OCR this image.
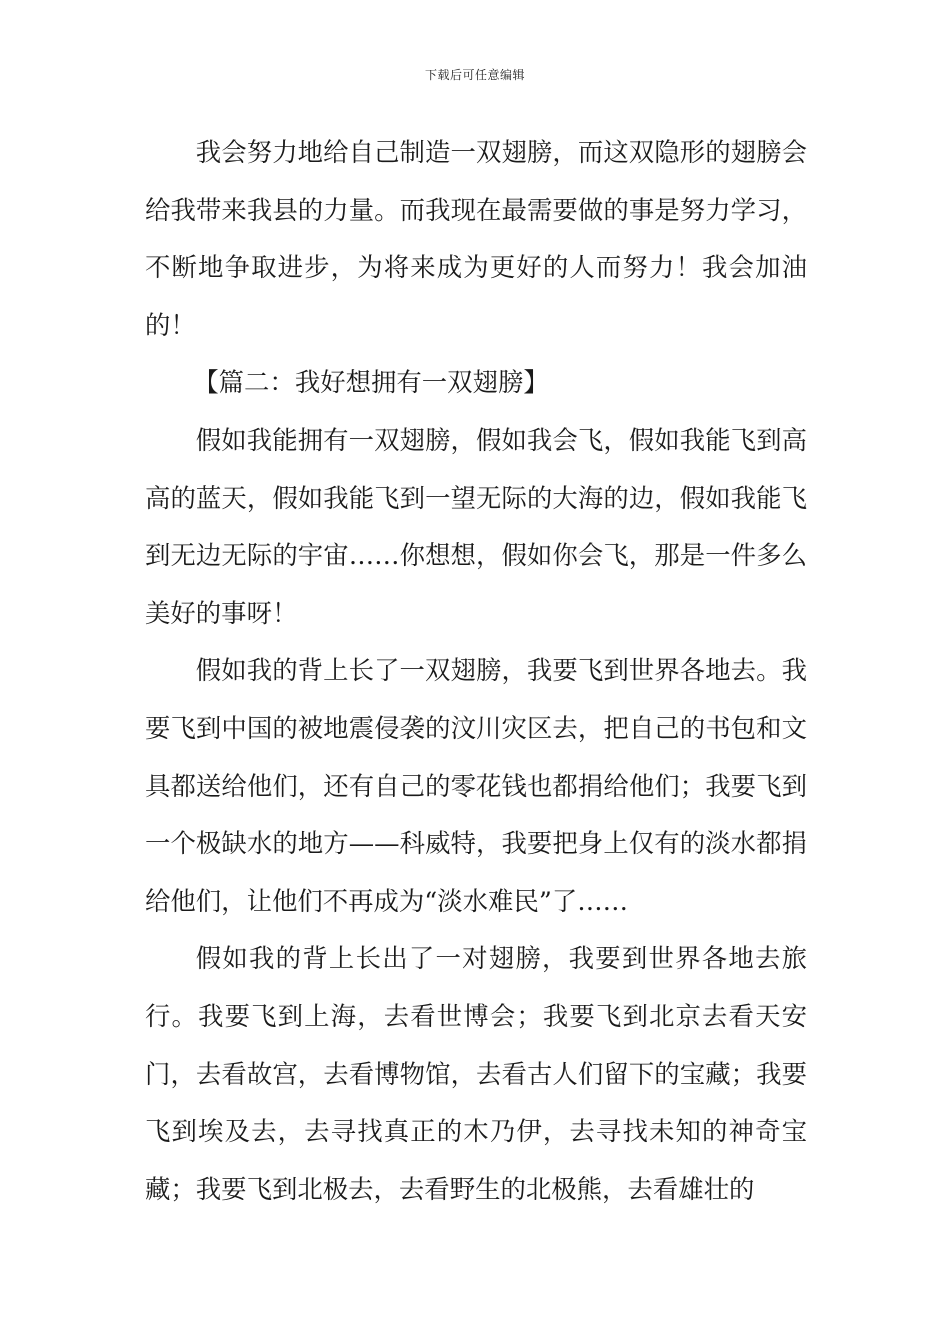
下载后可任意编辑

我会努力地给自己制造一双翅膀，而这双隐形的翅膀会给我带来我县的力量。而我现在最需要做的事是努力学习，不断地争取进步，为将来成为更好的人而努力！我会加油的！

【篇二：我好想拥有一双翅膀】

假如我能拥有一双翅膀，假如我会飞，假如我能飞到高高的蓝天，假如我能飞到一望无际的大海的边，假如我能飞到无边无际的宇宙……你想想，假如你会飞，那是一件多么美好的事呀！

假如我的背上长了一双翅膀，我要飞到世界各地去。我要飞到中国的被地震侵袭的汶川灾区去，把自己的书包和文具都送给他们，还有自己的零花钱也都捐给他们；我要飞到一个极缺水的地方——科威特，我要把身上仅有的淡水都捐给他们，让他们不再成为“淡水难民”了……

假如我的背上长出了一对翅膀，我要到世界各地去旅行。我要飞到上海，去看世博会；我要飞到北京去看天安门，去看故宫，去看博物馆，去看古人们留下的宝藏；我要飞到埃及去，去寻找真正的木乃伊，去寻找未知的神奇宝藏；我要飞到北极去，去看野生的北极熊，去看雄壮的
